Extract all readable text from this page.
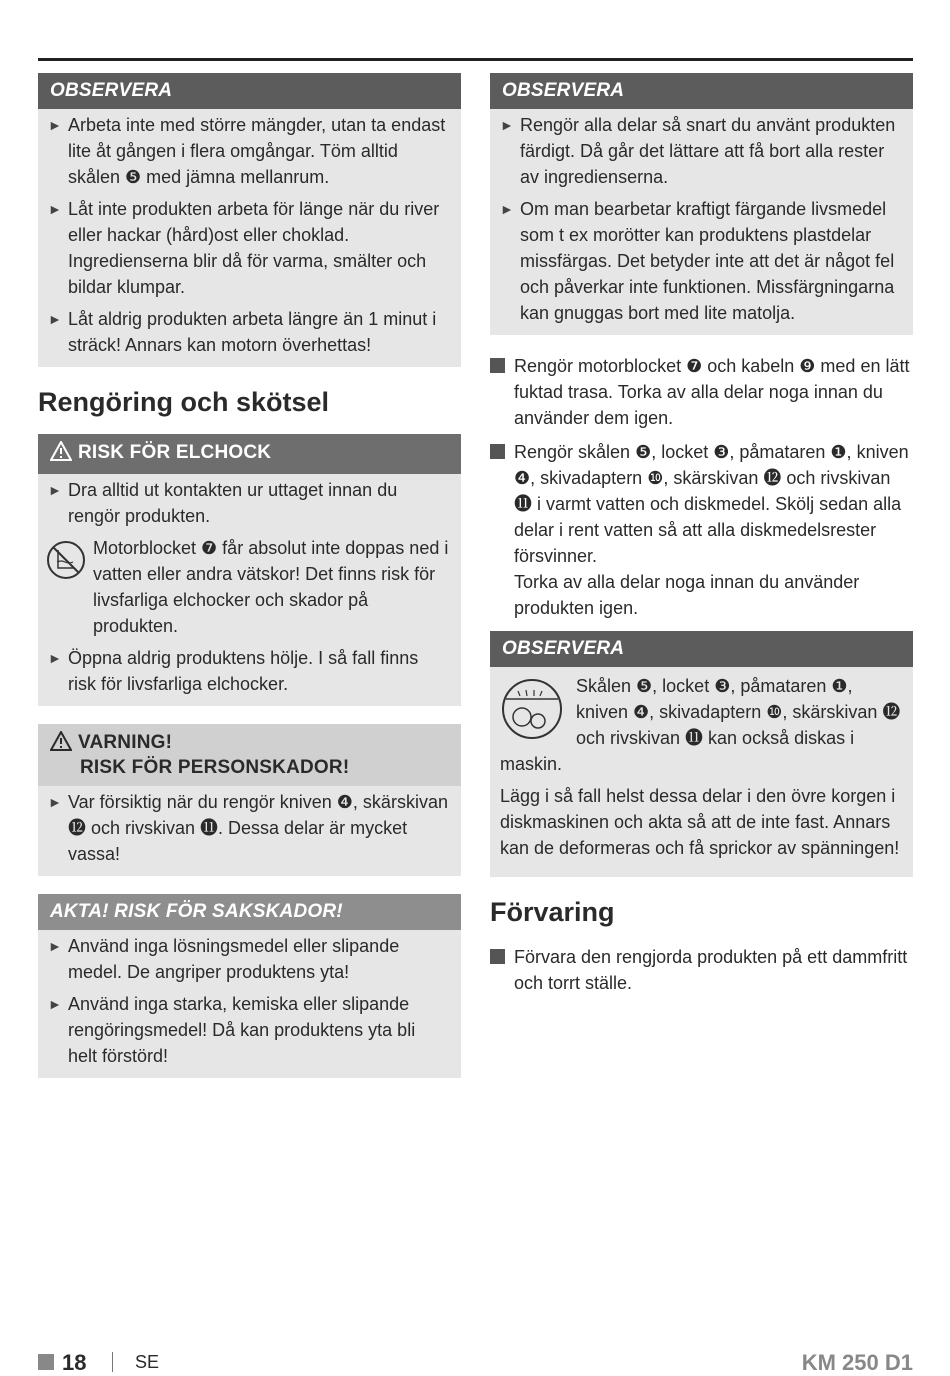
OBSERVERA
► Arbeta inte med större mängder, utan ta endast lite åt gången i flera omgångar. Töm alltid skålen ❺ med jämna mellanrum.
► Låt inte produkten arbeta för länge när du river eller hackar (hård)ost eller choklad. Ingredienserna blir då för varma, smälter och bildar klumpar.
► Låt aldrig produkten arbeta längre än 1 minut i sträck! Annars kan motorn överhettas!
Rengöring och skötsel
RISK FÖR ELCHOCK
► Dra alltid ut kontakten ur uttaget innan du rengör produkten.
Motorblocket ❼ får absolut inte doppas ned i vatten eller andra vätskor! Det finns risk för livsfarliga elchocker och skador på produkten.
► Öppna aldrig produktens hölje. I så fall finns risk för livsfarliga elchocker.
VARNING!
RISK FÖR PERSONSKADOR!
► Var försiktig när du rengör kniven ❹, skärskivan ⓬ och rivskivan ⓫. Dessa delar är mycket vassa!
AKTA! RISK FÖR SAKSKADOR!
► Använd inga lösningsmedel eller slipande medel. De angriper produktens yta!
► Använd inga starka, kemiska eller slipande rengöringsmedel! Då kan produktens yta bli helt förstörd!
OBSERVERA
► Rengör alla delar så snart du använt produkten färdigt. Då går det lättare att få bort alla rester av ingredienserna.
► Om man bearbetar kraftigt färgande livsmedel som t ex morötter kan produktens plastdelar missfärgas. Det betyder inte att det är något fel och påverkar inte funktionen. Missfärgningarna kan gnuggas bort med lite matolja.
Rengör motorblocket ❼ och kabeln ❾ med en lätt fuktad trasa. Torka av alla delar noga innan du använder dem igen.
Rengör skålen ❺, locket ❸, påmataren ❶, kniven ❹, skivadaptern ❿, skärskivan ⓬ och rivskivan ⓫ i varmt vatten och diskmedel. Skölj sedan alla delar i rent vatten så att alla diskmedelsrester försvinner.
Torka av alla delar noga innan du använder produkten igen.
OBSERVERA

Skålen ❺, locket ❸, påmataren ❶, kniven ❹, skivadaptern ❿, skärskivan ⓬ och rivskivan ⓫ kan också diskas i maskin.

Lägg i så fall helst dessa delar i den övre korgen i diskmaskinen och akta så att de inte fast. Annars kan de deformeras och få sprickor av spänningen!

Förvaring
Förvara den rengjorda produkten på ett dammfritt och torrt ställe.
18	SE	KM 250 D1
